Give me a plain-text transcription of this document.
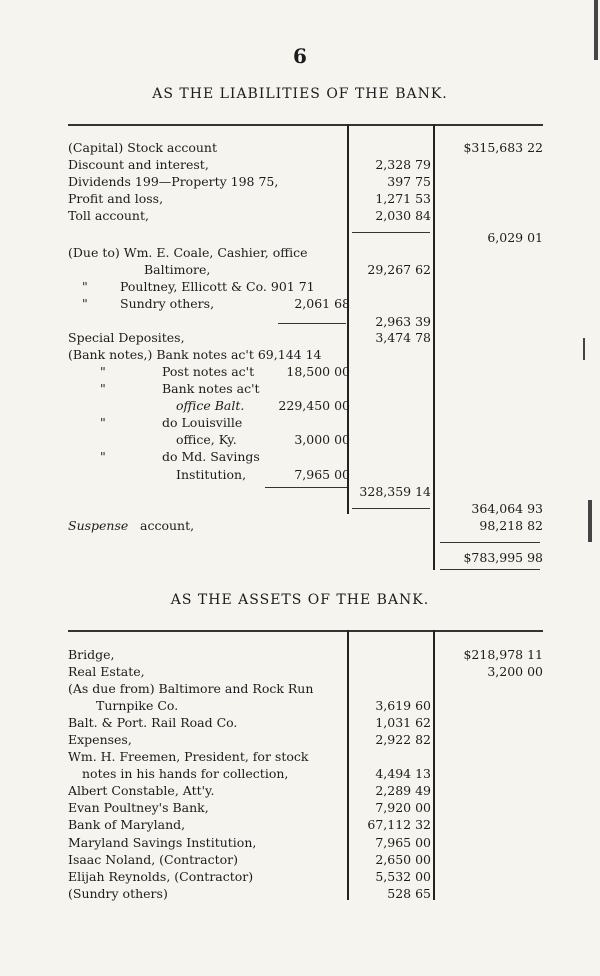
6
AS THE LIABILITIES OF THE BANK.
AS THE ASSETS OF THE BANK.
(Capital) Stock account	$315,683 22
Discount and interest,	2,328 79
Dividends 199—Property 198 75,	397 75
Profit and loss,	1,271 53
Toll account,	2,030 84
6,029 01
(Due to) Wm. E. Coale, Cashier, office
Baltimore,	29,267 62
"	Poultney, Ellicott & Co. 901 71
"	Sundry others,	2,061 68
2,963 39
Special Deposites,	3,474 78
(Bank notes,) Bank notes ac't 69,144 14
"	Post notes ac't	18,500 00
"	Bank notes ac't
office Balt.	229,450 00
"	do Louisville
office, Ky.	3,000 00
"	do Md. Savings
Institution,	7,965 00
328,359 14
364,064 93
Suspense account,	98,218 82
$783,995 98
Bridge,	$218,978 11
Real Estate,	3,200 00
(As due from) Baltimore and Rock Run
Turnpike Co.	3,619 60
Balt. & Port. Rail Road Co.	1,031 62
Expenses,	2,922 82
Wm. H. Freemen, President, for stock
notes in his hands for collection,	4,494 13
Albert Constable, Att'y.	2,289 49
Evan Poultney's Bank,	7,920 00
Bank of Maryland,	67,112 32
Maryland Savings Institution,	7,965 00
Isaac Noland, (Contractor)	2,650 00
Elijah Reynolds, (Contractor)	5,532 00
(Sundry others)	528 65
